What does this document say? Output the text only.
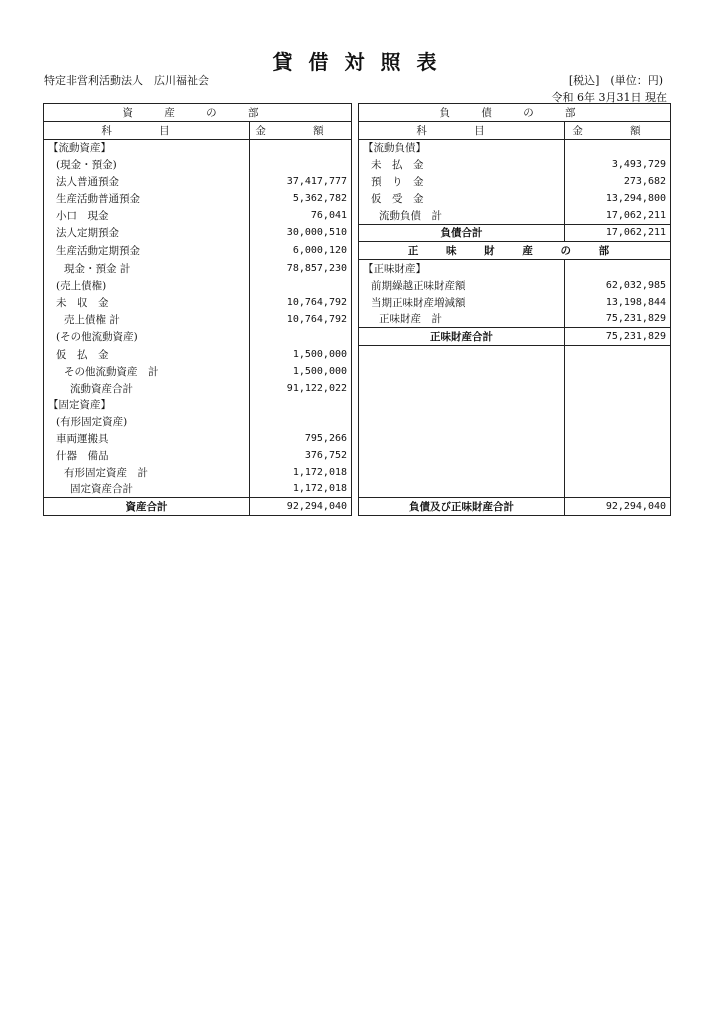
貸借対照表
特定非営利活動法人　広川福祉会	[税込]　(単位：円)
令和 6年 3月31日 現在
資 産 の 部			負 債 の 部	
科 目	金 額		科 目	金 額
【流動資産】			【流動負債】	
(現金・預金)			未　払　金	3,493,729
法人普通預金	37,417,777		預　り　金	273,682
生産活動普通預金	5,362,782		仮　受　金	13,294,800
小口　現金	76,041		流動負債　計	17,062,211
法人定期預金	30,000,510		負債合計	17,062,211
生産活動定期預金	6,000,120		正 味 財 産 の 部	
現金・預金 計	78,857,230		【正味財産】	
(売上債権)			前期繰越正味財産額	62,032,985
未　収　金	10,764,792		当期正味財産増減額	13,198,844
売上債権 計	10,764,792		正味財産　計	75,231,829
(その他流動資産)			正味財産合計	75,231,829
仮　払　金	1,500,000			
その他流動資産　計	1,500,000			
流動資産合計	91,122,022			
【固定資産】				
(有形固定資産)				
車両運搬具	795,266			
什器　備品	376,752			
有形固定資産　計	1,172,018			
固定資産合計	1,172,018			
資産合計	92,294,040		負債及び正味財産合計	92,294,040
